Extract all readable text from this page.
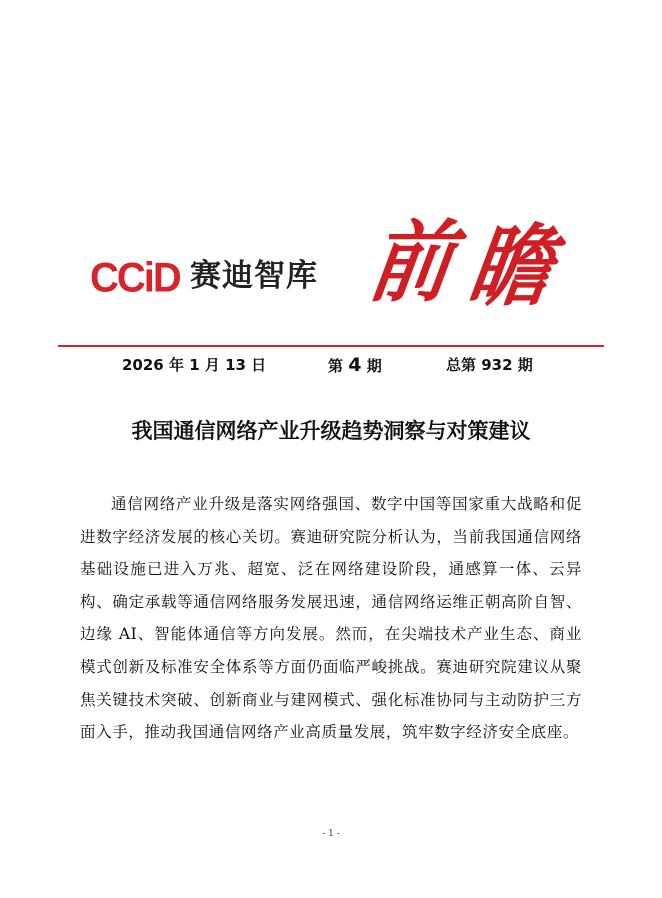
CCiD 赛迪智库 前 瞻
2026 年 1 月 13 日	第 4 期	总第 932 期
我国通信网络产业升级趋势洞察与对策建议

通信网络产业升级是落实网络强国、数字中国等国家重大战略和促进数字经济发展的核心关切。赛迪研究院分析认为，当前我国通信网络基础设施已进入万兆、超宽、泛在网络建设阶段，通感算一体、云异构、确定承载等通信网络服务发展迅速，通信网络运维正朝高阶自智、边缘 AI、智能体通信等方向发展。然而，在尖端技术产业生态、商业模式创新及标准安全体系等方面仍面临严峻挑战。赛迪研究院建议从聚焦关键技术突破、创新商业与建网模式、强化标准协同与主动防护三方面入手，推动我国通信网络产业高质量发展，筑牢数字经济安全底座。

- 1 -
